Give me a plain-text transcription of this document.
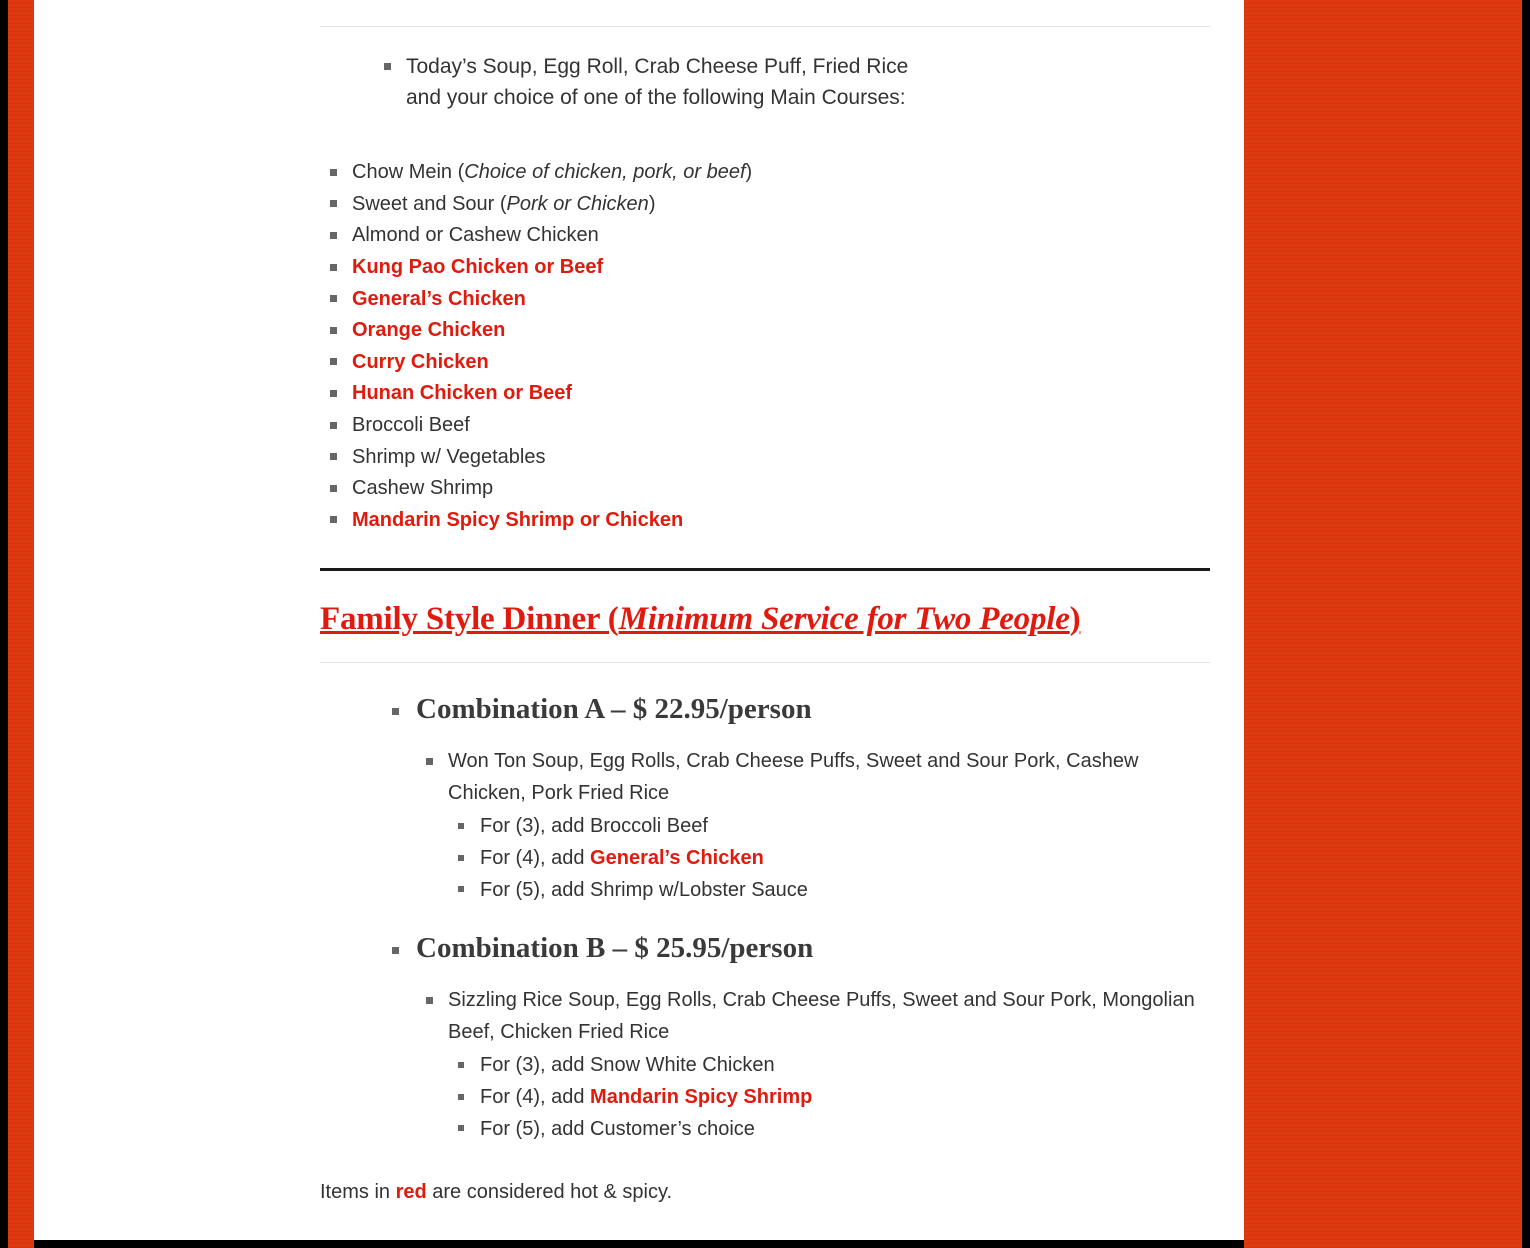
Today’s Soup, Egg Roll, Crab Cheese Puff, Fried Rice
and your choice of one of the following Main Courses:
Chow Mein (Choice of chicken, pork, or beef)
Sweet and Sour (Pork or Chicken)
Almond or Cashew Chicken
Kung Pao Chicken or Beef
General’s Chicken
Orange Chicken
Curry Chicken
Hunan Chicken or Beef
Broccoli Beef
Shrimp w/ Vegetables
Cashew Shrimp
Mandarin Spicy Shrimp or Chicken
Family Style Dinner (Minimum Service for Two People)
Combination A – $ 22.95/person
Won Ton Soup, Egg Rolls, Crab Cheese Puffs, Sweet and Sour Pork, Cashew Chicken, Pork Fried Rice
For (3), add Broccoli Beef
For (4), add General’s Chicken
For (5), add Shrimp w/Lobster Sauce
Combination B – $ 25.95/person
Sizzling Rice Soup, Egg Rolls, Crab Cheese Puffs, Sweet and Sour Pork, Mongolian Beef, Chicken Fried Rice
For (3), add Snow White Chicken
For (4), add Mandarin Spicy Shrimp
For (5), add Customer’s choice

Items in red are considered hot & spicy.
